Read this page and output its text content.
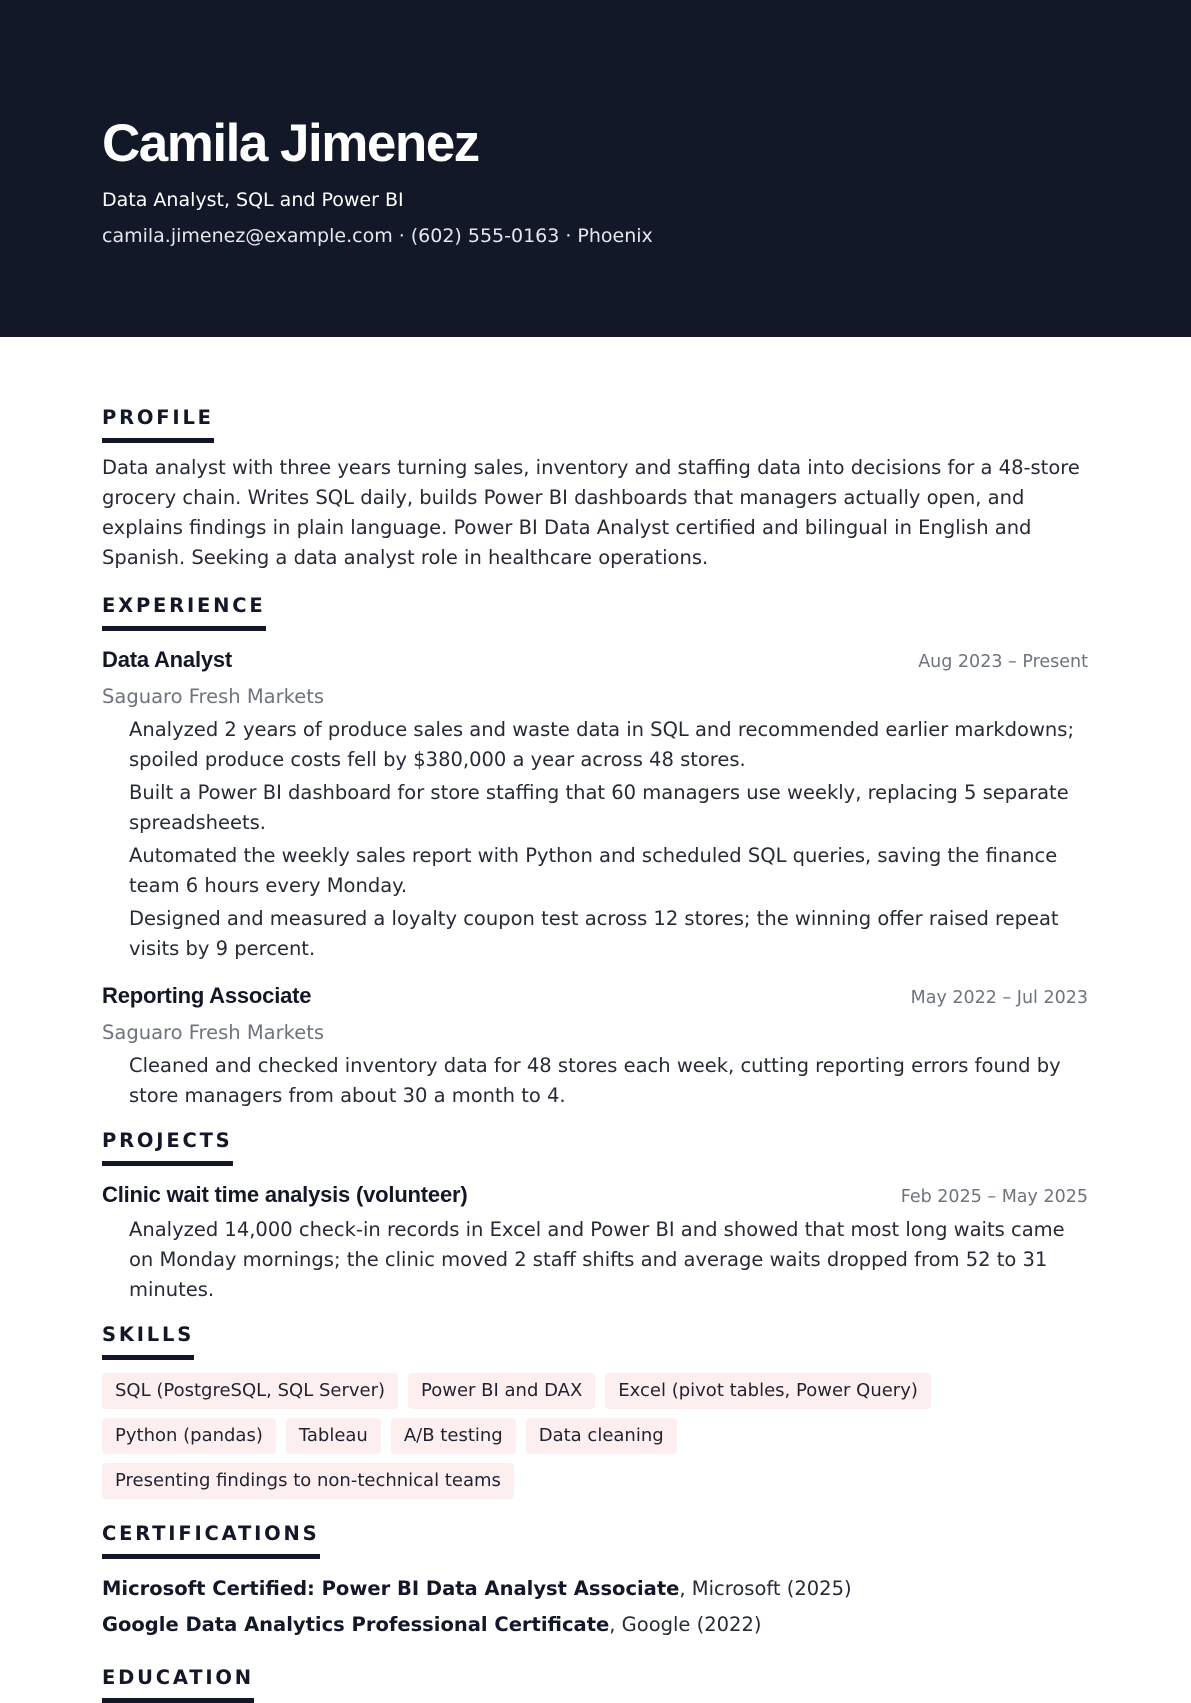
Camila Jimenez
Data Analyst, SQL and Power BI
camila.jimenez@example.com · (602) 555-0163 · Phoenix
PROFILE

Data analyst with three years turning sales, inventory and staffing data into decisions for a 48-store grocery chain. Writes SQL daily, builds Power BI dashboards that managers actually open, and explains findings in plain language. Power BI Data Analyst certified and bilingual in English and Spanish. Seeking a data analyst role in healthcare operations.

EXPERIENCE
Data Analyst	Aug 2023 – Present
Saguaro Fresh Markets
Analyzed 2 years of produce sales and waste data in SQL and recommended earlier markdowns; spoiled produce costs fell by $380,000 a year across 48 stores.
Built a Power BI dashboard for store staffing that 60 managers use weekly, replacing 5 separate spreadsheets.
Automated the weekly sales report with Python and scheduled SQL queries, saving the finance team 6 hours every Monday.
Designed and measured a loyalty coupon test across 12 stores; the winning offer raised repeat visits by 9 percent.
Reporting Associate	May 2022 – Jul 2023
Saguaro Fresh Markets
Cleaned and checked inventory data for 48 stores each week, cutting reporting errors found by store managers from about 30 a month to 4.
PROJECTS
Clinic wait time analysis (volunteer)	Feb 2025 – May 2025
Analyzed 14,000 check-in records in Excel and Power BI and showed that most long waits came on Monday mornings; the clinic moved 2 staff shifts and average waits dropped from 52 to 31 minutes.
SKILLS
SQL (PostgreSQL, SQL Server)	Power BI and DAX	Excel (pivot tables, Power Query)
Python (pandas)	Tableau	A/B testing	Data cleaning
Presenting findings to non-technical teams
CERTIFICATIONS
Microsoft Certified: Power BI Data Analyst Associate, Microsoft (2025)
Google Data Analytics Professional Certificate, Google (2022)
EDUCATION
